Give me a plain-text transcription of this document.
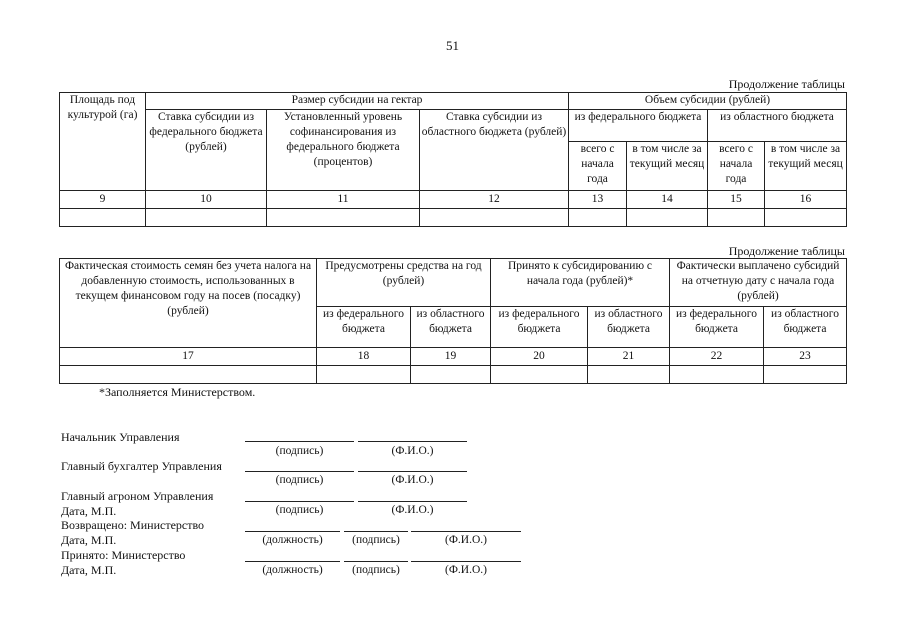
51
Продолжение таблицы
Площадь под культурой (га)	Размер субсидии на гектар			Объем субсидии (рублей)			
	Ставка субсидии из федерального бюджета (рублей)	Установленный уровень софинансирования из федерального бюджета (процентов)	Ставка субсидии из областного бюджета (рублей)	из федерального бюджета		из областного бюджета	
				всего с начала года	в том числе за текущий месяц	всего с начала года	в том числе за текущий месяц
9	10	11	12	13	14	15	16

Продолжение таблицы
Фактическая стоимость семян без учета налога на добавленную стоимость, использованных в текущем финансовом году на посев (посадку) (рублей)	Предусмотрены средства на год (рублей)		Принято к субсидированию с начала года (рублей)*		Фактически выплачено субсидий на отчетную дату с начала года (рублей)	
	из федерального бюджета	из областного бюджета	из федерального бюджета	из областного бюджета	из федерального бюджета	из областного бюджета
17	18	19	20	21	22	23

*Заполняется Министерством.
Начальник Управления
(подпись)	(Ф.И.О.)
Главный бухгалтер Управления
(подпись)	(Ф.И.О.)
Главный агроном Управления
Дата, М.П.	(подпись)	(Ф.И.О.)
Возвращено: Министерство
Дата, М.П.	(должность)	(подпись)	(Ф.И.О.)
Принято: Министерство
Дата, М.П.	(должность)	(подпись)	(Ф.И.О.)
